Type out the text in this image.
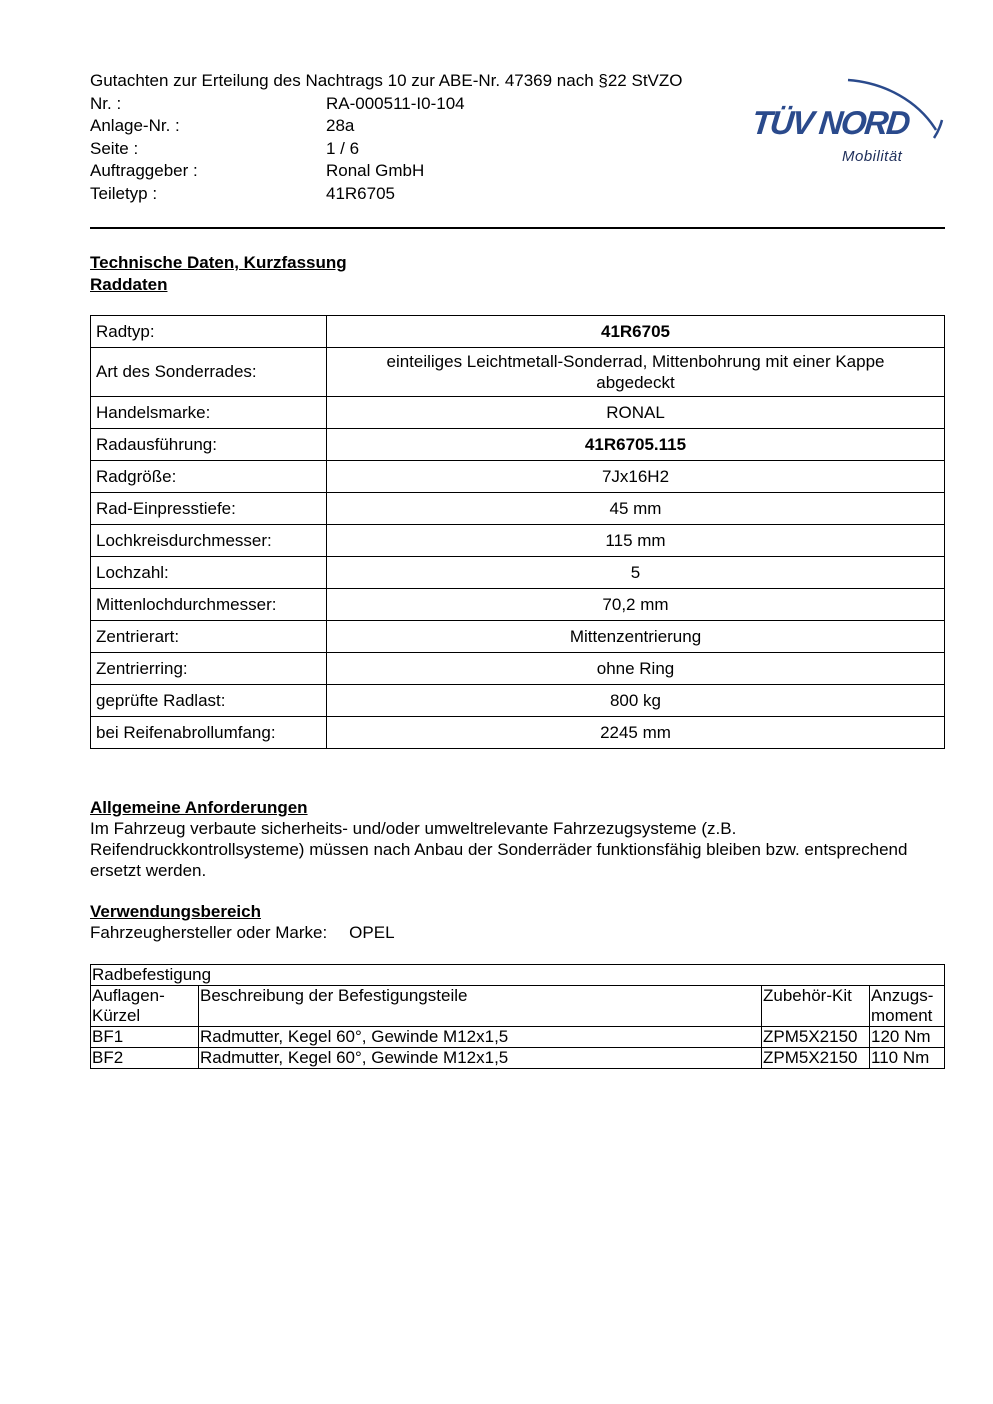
Gutachten zur Erteilung des Nachtrags 10 zur ABE-Nr. 47369 nach §22 StVZO
Nr. :	RA-000511-I0-104
Anlage-Nr. :	28a
Seite :	1 / 6
Auftraggeber :	Ronal GmbH
Teiletyp :	41R6705
TÜV NORD
Mobilität
Technische Daten, Kurzfassung
Raddaten
Radtyp:	41R6705
Art des Sonderrades:	einteiliges Leichtmetall-Sonderrad, Mittenbohrung mit einer Kappe abgedeckt
Handelsmarke:	RONAL
Radausführung:	41R6705.115
Radgröße:	7Jx16H2
Rad-Einpresstiefe:	45 mm
Lochkreisdurchmesser:	115 mm
Lochzahl:	5
Mittenlochdurchmesser:	70,2 mm
Zentrierart:	Mittenzentrierung
Zentrierring:	ohne Ring
geprüfte Radlast:	800 kg
bei Reifenabrollumfang:	2245 mm
Allgemeine Anforderungen
Im Fahrzeug verbaute sicherheits- und/oder umweltrelevante Fahrzezugsysteme (z.B. Reifendruckkontrollsysteme) müssen nach Anbau der Sonderräder funktionsfähig bleiben bzw. entsprechend ersetzt werden.
Verwendungsbereich
Fahrzeughersteller oder Marke: OPEL
Radbefestigung			
Auflagen-Kürzel	Beschreibung der Befestigungsteile	Zubehör-Kit	Anzugs-moment
BF1	Radmutter, Kegel 60°, Gewinde M12x1,5	ZPM5X2150	120 Nm
BF2	Radmutter, Kegel 60°, Gewinde M12x1,5	ZPM5X2150	110 Nm
